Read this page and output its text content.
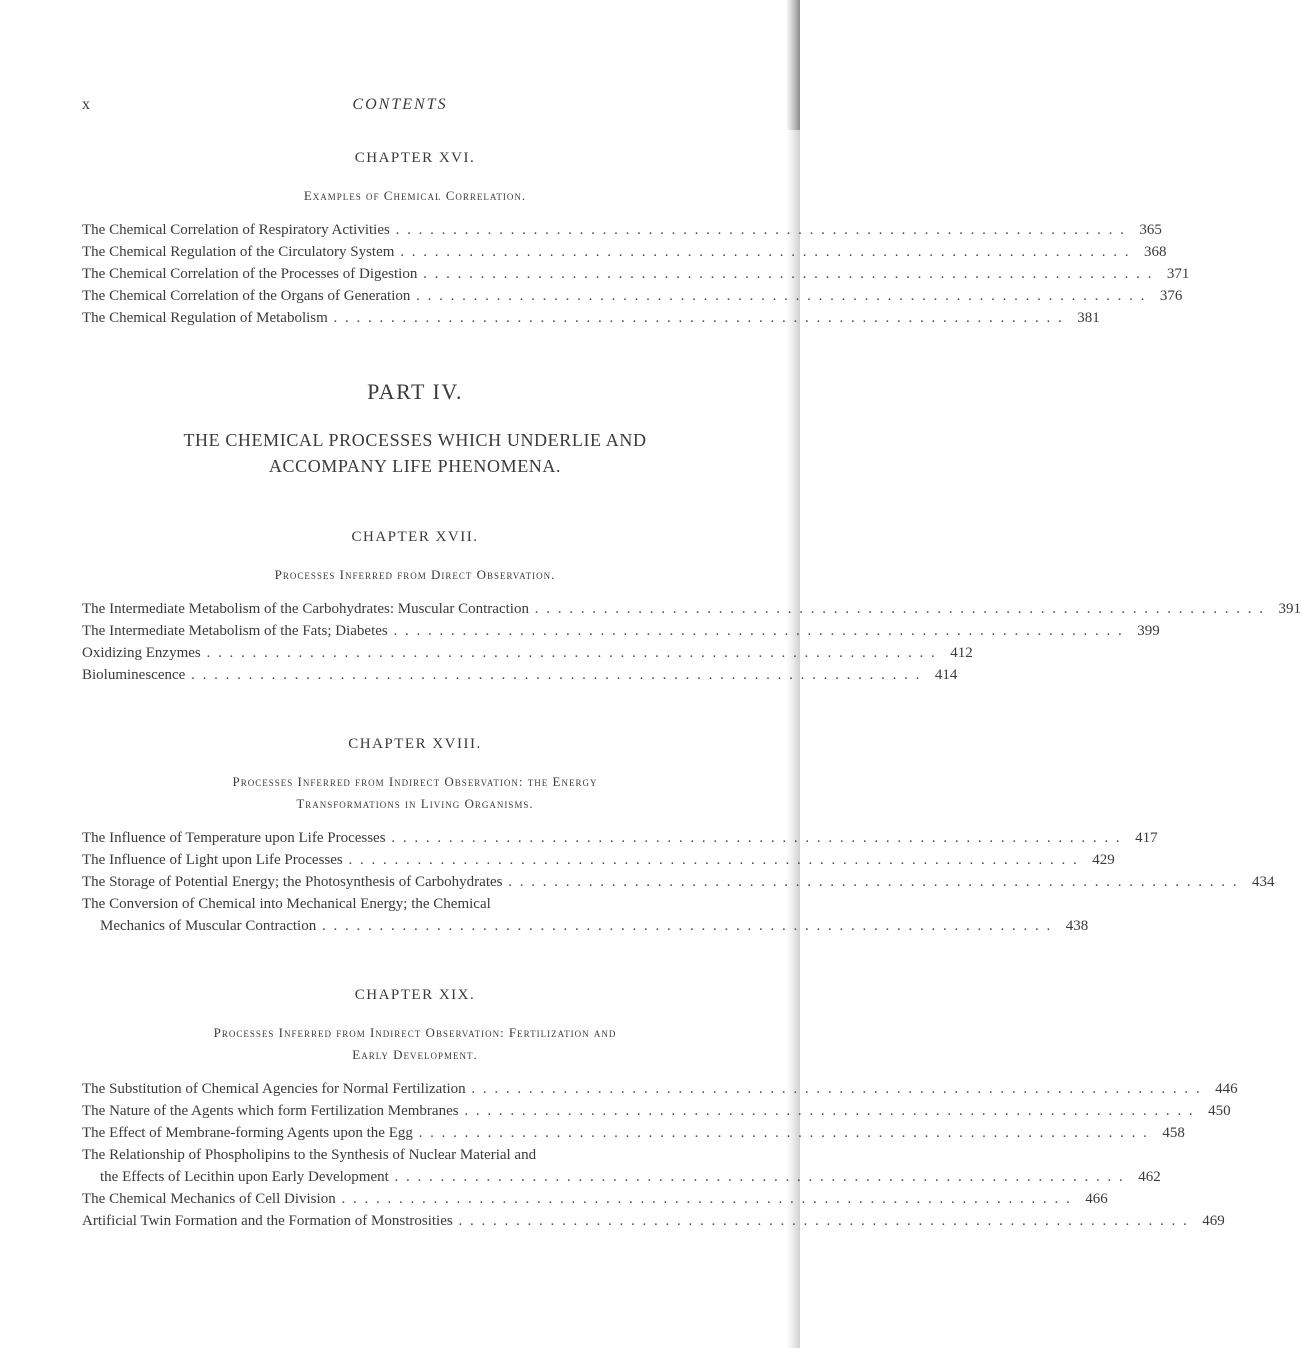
x	CONTENTS
CHAPTER XVI.
Examples of Chemical Correlation.
The Chemical Correlation of Respiratory Activities . . .	365
The Chemical Regulation of the Circulatory System . . .	368
The Chemical Correlation of the Processes of Digestion . . .	371
The Chemical Correlation of the Organs of Generation . . .	376
The Chemical Regulation of Metabolism . . .	381
PART IV.
THE CHEMICAL PROCESSES WHICH UNDERLIE AND
ACCOMPANY LIFE PHENOMENA.
CHAPTER XVII.
Processes Inferred from Direct Observation.
The Intermediate Metabolism of the Carbohydrates: Muscular Contraction . . .	391
The Intermediate Metabolism of the Fats; Diabetes . . .	399
Oxidizing Enzymes . . .	412
Bioluminescence . . .	414
CHAPTER XVIII.
Processes Inferred from Indirect Observation: the Energy
Transformations in Living Organisms.
The Influence of Temperature upon Life Processes . . .	417
The Influence of Light upon Life Processes . . .	429
The Storage of Potential Energy; the Photosynthesis of Carbohydrates . . .	434
The Conversion of Chemical into Mechanical Energy; the Chemical
Mechanics of Muscular Contraction . . .	438
CHAPTER XIX.
Processes Inferred from Indirect Observation: Fertilization and
Early Development.
The Substitution of Chemical Agencies for Normal Fertilization . . .	446
The Nature of the Agents which form Fertilization Membranes . . .	450
The Effect of Membrane-forming Agents upon the Egg . . .	458
The Relationship of Phospholipins to the Synthesis of Nuclear Material and
the Effects of Lecithin upon Early Development . . .	462
The Chemical Mechanics of Cell Division . . .	466
Artificial Twin Formation and the Formation of Monstrosities . . .	469
